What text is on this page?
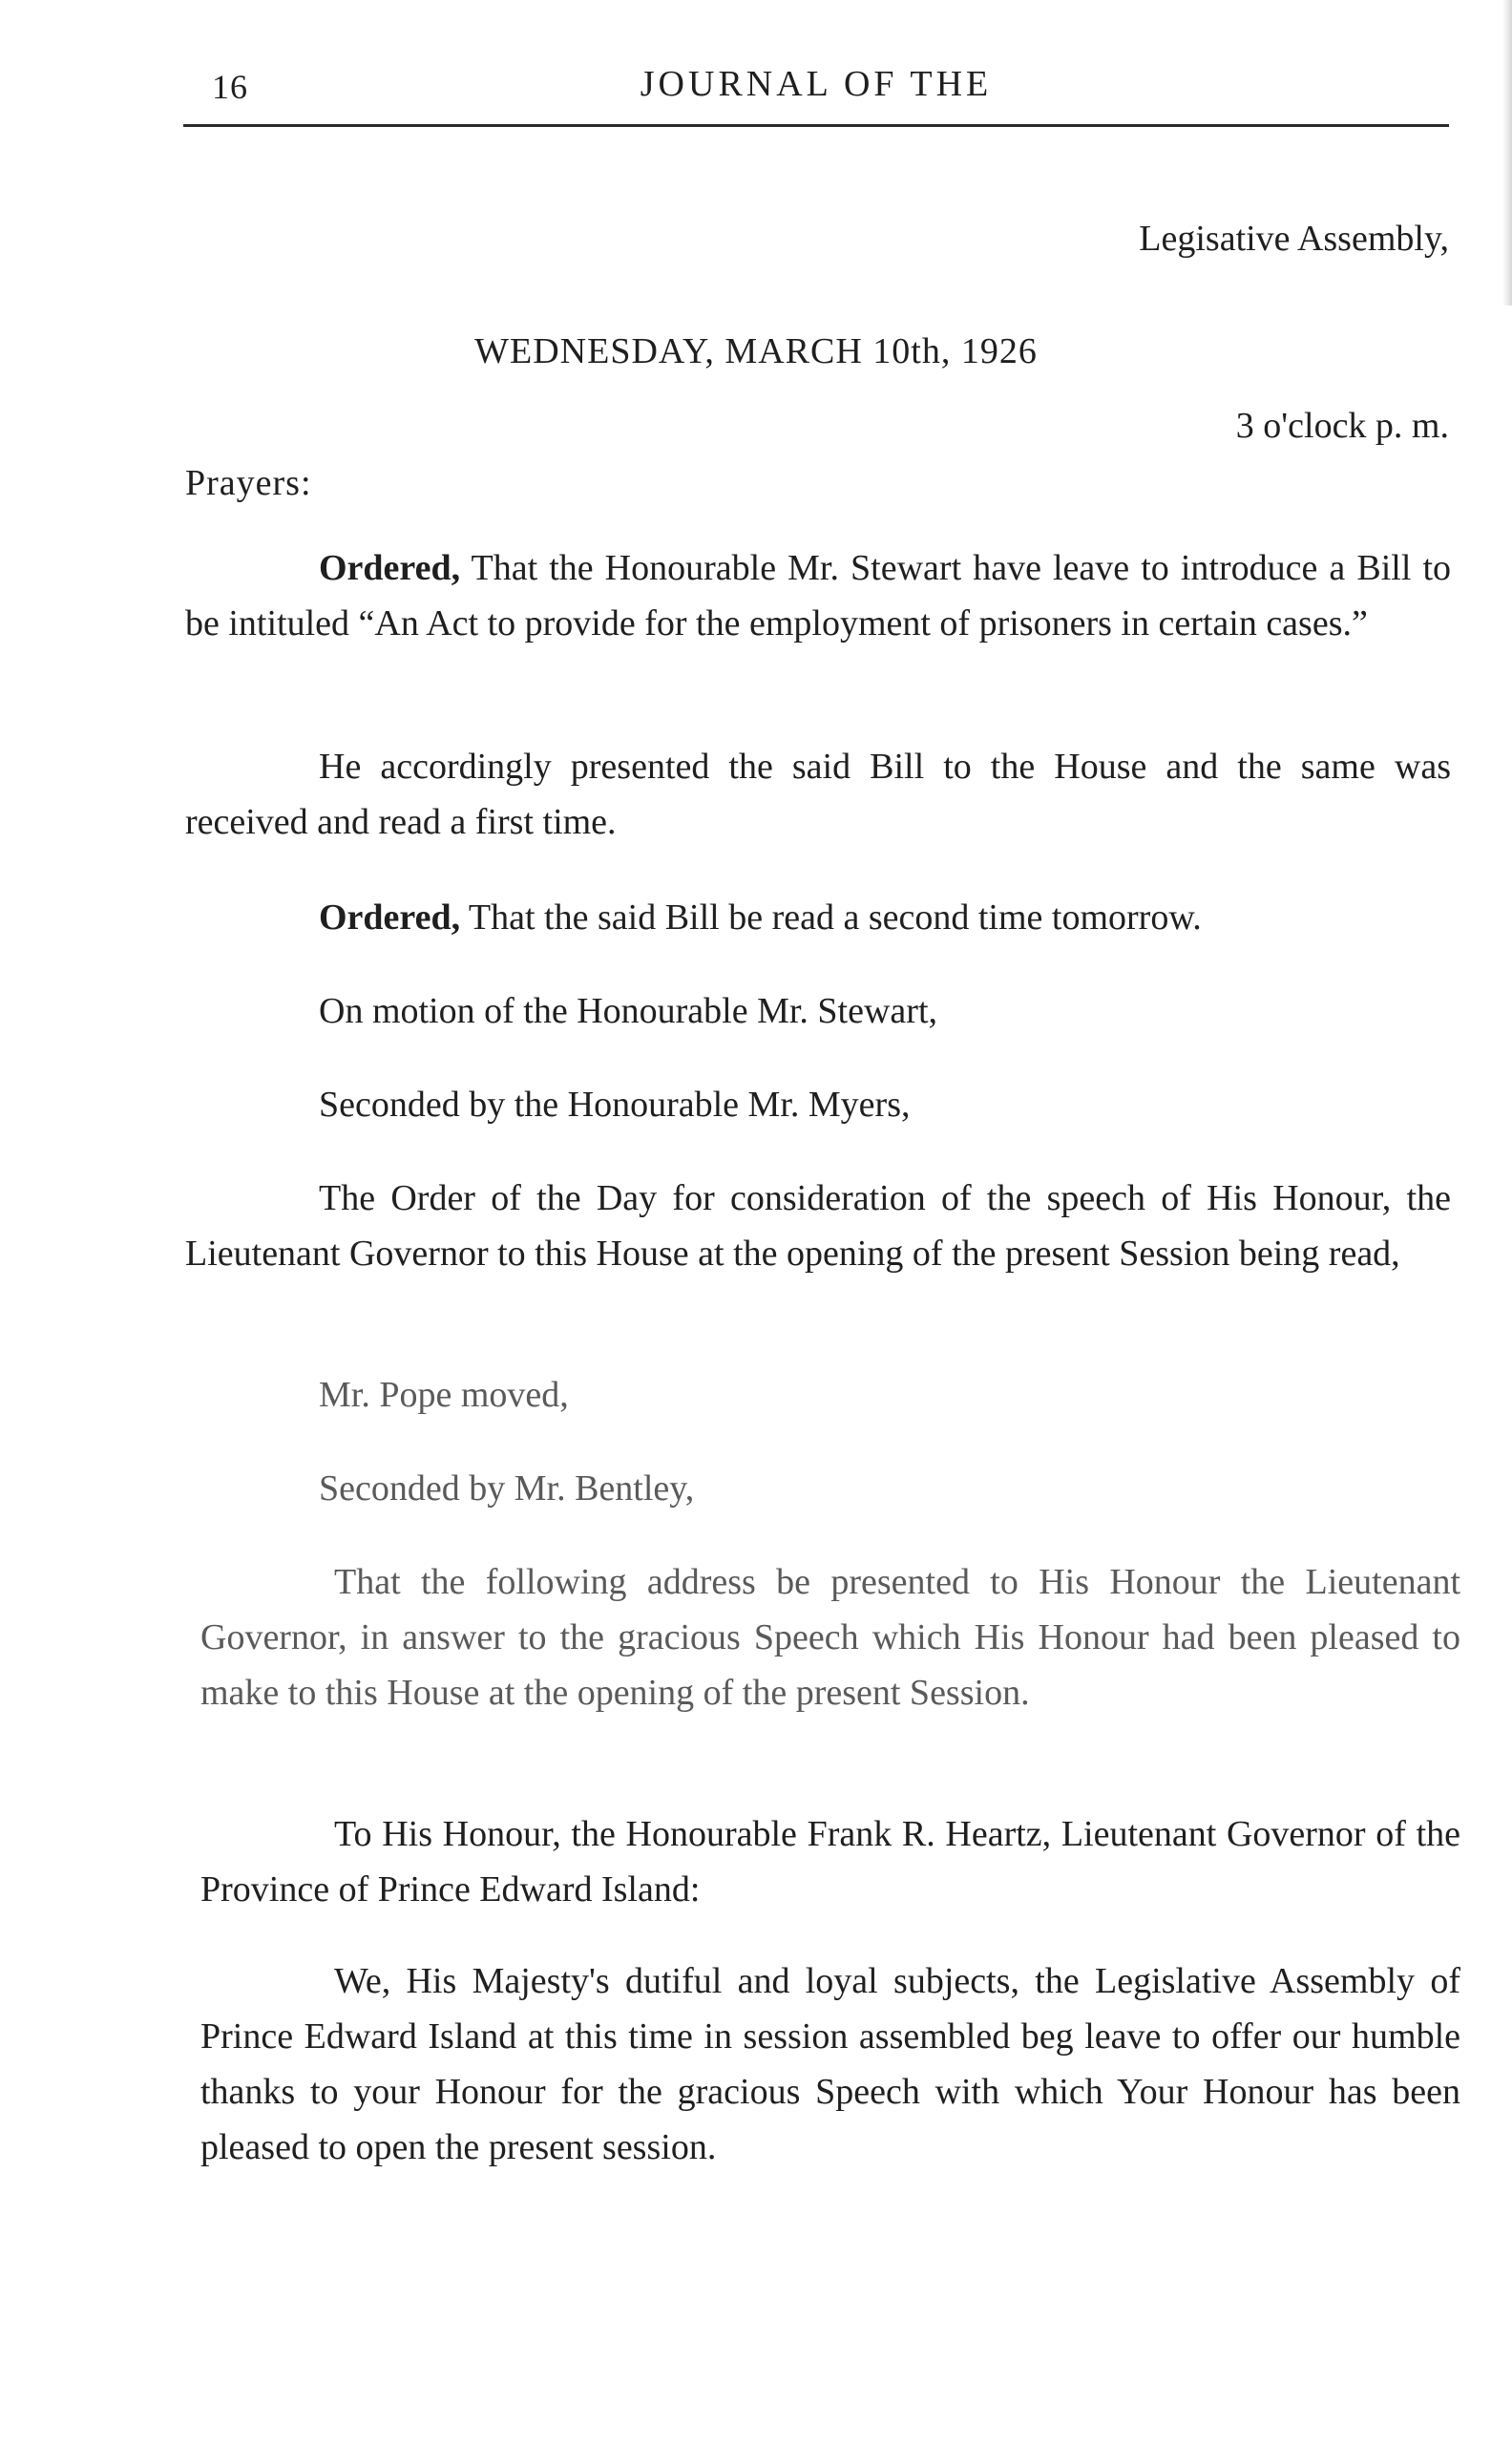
16	JOURNAL OF THE
Legisative Assembly,
WEDNESDAY, MARCH 10th, 1926
3 o'clock p. m.
Prayers:

Ordered, That the Honourable Mr. Stewart have leave to introduce a Bill to be intituled “An Act to provide for the employment of prisoners in certain cases.”

He accordingly presented the said Bill to the House and the same was received and read a first time.

Ordered, That the said Bill be read a second time tomorrow.

On motion of the Honourable Mr. Stewart,

Seconded by the Honourable Mr. Myers,

The Order of the Day for consideration of the speech of His Honour, the Lieutenant Governor to this House at the opening of the present Session being read,

Mr. Pope moved,

Seconded by Mr. Bentley,

That the following address be presented to His Honour the Lieutenant Governor, in answer to the gracious Speech which His Honour had been pleased to make to this House at the opening of the present Session.

To His Honour, the Honourable Frank R. Heartz, Lieutenant Governor of the Province of Prince Edward Island:

We, His Majesty's dutiful and loyal subjects, the Legislative Assembly of Prince Edward Island at this time in session assembled beg leave to offer our humble thanks to your Honour for the gracious Speech with which Your Honour has been pleased to open the present session.
